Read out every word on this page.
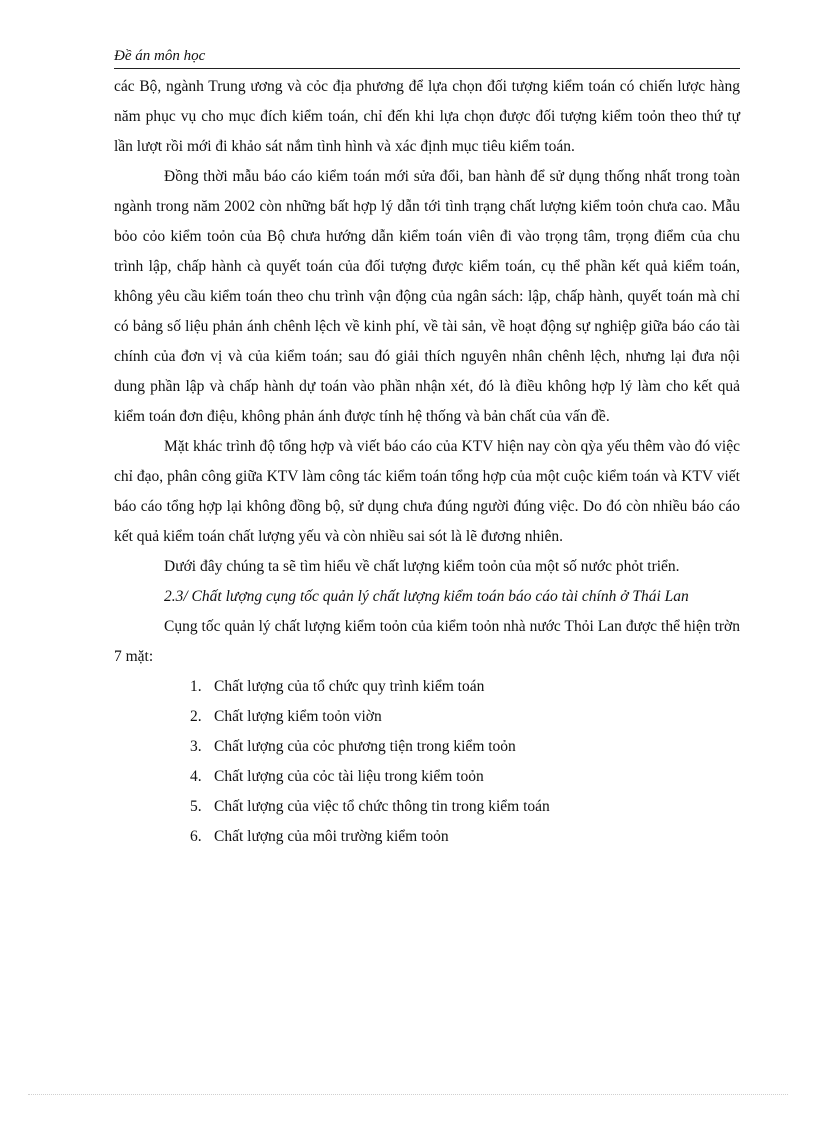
Đề án môn học

các Bộ, ngành Trung ương và cỏc địa phương để lựa chọn đối tượng kiểm toán có chiến lược hàng năm phục vụ cho mục đích kiểm toán, chỉ đến khi lựa chọn được đối tượng kiểm toỏn theo thứ tự lần lượt rồi mới đi khảo sát nắm tình hình và xác định mục tiêu kiểm toán.

Đồng thời mẫu báo cáo kiểm toán mới sửa đổi, ban hành để sử dụng thống nhất trong toàn ngành trong năm 2002 còn những bất hợp lý dẫn tới tình trạng chất lượng kiểm toỏn chưa cao. Mẫu bỏo cỏo kiểm toỏn của Bộ chưa hướng dẫn kiểm toán viên đi vào trọng tâm, trọng điểm của chu trình lập, chấp hành cà quyết toán của đối tượng được kiểm toán, cụ thể phần kết quả kiểm toán, không yêu cầu kiểm toán theo chu trình vận động của ngân sách: lập, chấp hành, quyết toán mà chỉ có bảng số liệu phản ánh chênh lệch về kinh phí, về tài sản, về hoạt động sự nghiệp giữa báo cáo tài chính của đơn vị và của kiểm toán; sau đó giải thích nguyên nhân chênh lệch, nhưng lại đưa nội dung phần lập và chấp hành dự toán vào phần nhận xét, đó là điều không hợp lý làm cho kết quả kiểm toán đơn điệu, không phản ánh được tính hệ thống và bản chất của vấn đề.

Mặt khác trình độ tổng hợp và viết báo cáo của KTV hiện nay còn qỳa yếu thêm vào đó việc chỉ đạo, phân công giữa KTV làm công tác kiểm toán tổng hợp của một cuộc kiểm toán và KTV viết báo cáo tổng hợp lại không đồng bộ, sử dụng chưa đúng người đúng việc. Do đó còn nhiều báo cáo kết quả kiểm toán chất lượng yếu và còn nhiều sai sót là lẽ đương nhiên.

Dưới đây chúng ta sẽ tìm hiểu về chất lượng kiểm toỏn của một số nước phỏt triển.

2.3/ Chất lượng cụng tốc quản lý chất lượng kiểm toán báo cáo tài chính ở Thái Lan

Cụng tốc quản lý chất lượng kiểm toỏn của kiểm toỏn nhà nước Thỏi Lan được thể hiện trờn 7 mặt:

1. Chất lượng của tổ chức quy trình kiểm toán
2. Chất lượng kiểm toỏn viờn
3. Chất lượng của cỏc phương tiện trong kiểm toỏn
4. Chất lượng của cỏc tài liệu trong kiểm toỏn
5. Chất lượng của việc tổ chức thông tin trong kiểm toán
6. Chất lượng của môi trường kiểm toỏn
